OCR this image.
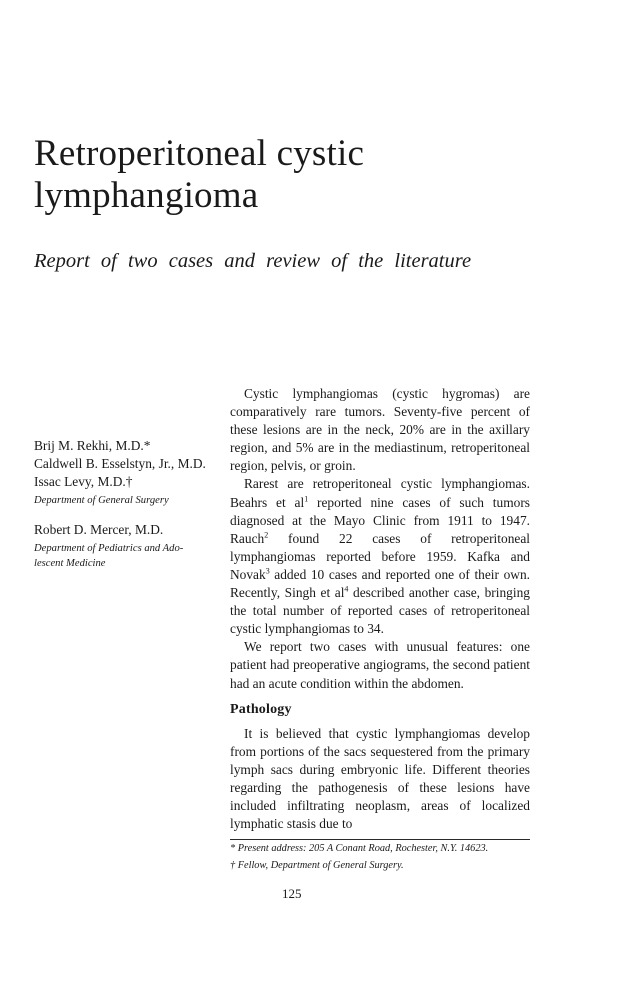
Retroperitoneal cystic
lymphangioma

Report of two cases and review of the literature

Brij M. Rekhi, M.D.*
Caldwell B. Esselstyn, Jr., M.D.
Issac Levy, M.D.†
Department of General Surgery
Robert D. Mercer, M.D.
Department of Pediatrics and Ado-
lescent Medicine

Cystic lymphangiomas (cystic hygromas) are comparatively rare tumors. Seventy-five percent of these lesions are in the neck, 20% are in the axillary region, and 5% are in the mediastinum, retroperitoneal region, pelvis, or groin.

Rarest are retroperitoneal cystic lymphangiomas. Beahrs et $al^1$ reported nine cases of such tumors diagnosed at the Mayo Clinic from 1911 to 1947. Rauch$^2$ found 22 cases of retroperitoneal lymphangiomas reported before 1959. Kafka and Novak$^3$ added 10 cases and reported one of their own. Recently, Singh et $al^4$ described another case, bringing the total number of reported cases of retroperitoneal cystic lymphangiomas to 34.

We report two cases with unusual features: one patient had preoperative angiograms, the second patient had an acute condition within the abdomen.

Pathology

It is believed that cystic lymphangiomas develop from portions of the sacs sequestered from the primary lymph sacs during embryonic life. Different theories regarding the pathogenesis of these lesions have included infiltrating neoplasm, areas of localized lymphatic stasis due to

* Present address: 205 A Conant Road, Rochester, N.Y. 14623.

† Fellow, Department of General Surgery.

125
